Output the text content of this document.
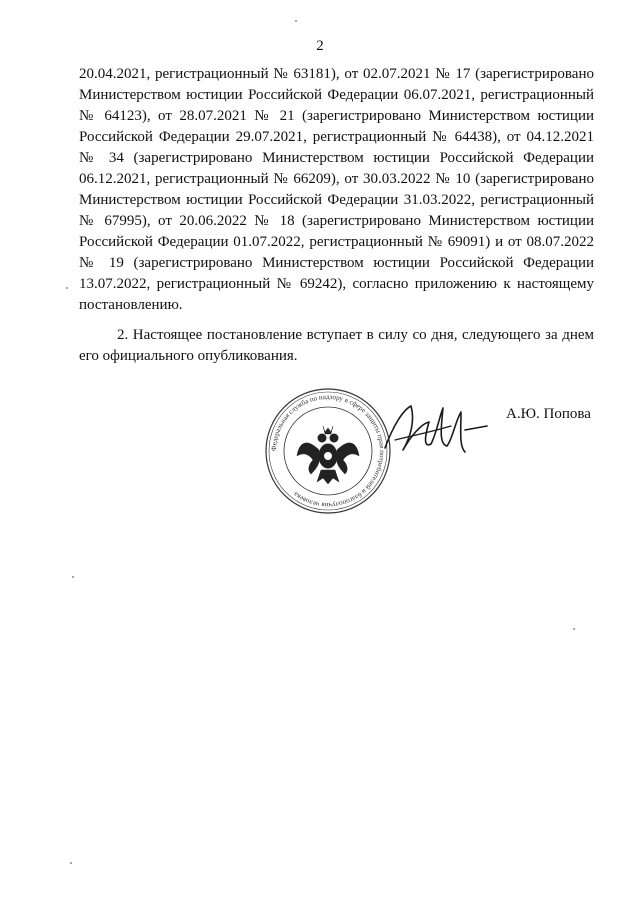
2
20.04.2021, регистрационный № 63181), от 02.07.2021 № 17 (зарегистрировано
Министерством юстиции Российской Федерации 06.07.2021, регистрационный
№ 64123), от 28.07.2021 № 21 (зарегистрировано Министерством юстиции
Российской Федерации 29.07.2021, регистрационный № 64438), от 04.12.2021
№ 34 (зарегистрировано Министерством юстиции Российской Федерации
06.12.2021, регистрационный № 66209), от 30.03.2022 № 10 (зарегистрировано
Министерством юстиции Российской Федерации 31.03.2022, регистрационный
№ 67995), от 20.06.2022 № 18 (зарегистрировано Министерством юстиции
Российской Федерации 01.07.2022, регистрационный № 69091) и от 08.07.2022
№ 19 (зарегистрировано Министерством юстиции Российской Федерации
13.07.2022, регистрационный № 69242), согласно приложению к настоящему
постановлению.
2. Настоящее постановление вступает в силу со дня, следующего за днем
его официального опубликования.
Федеральная служба по надзору в сфере защиты прав потребителей и благополучия человека
А.Ю. Попова
